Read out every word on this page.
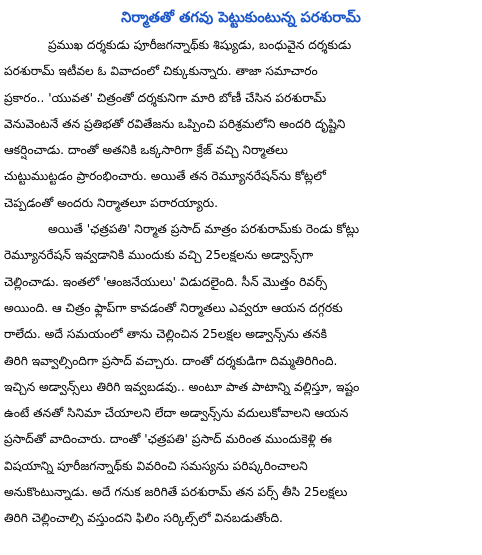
నిర్మాతతో తగవు పెట్టుకుంటున్న పరశురామ్

ప్రముఖ దర్శకుడు పూరీజగన్నాథ్‌కు శిష్యుడు, బంధువైన దర్శకుడు
పరశురామ్ ఇటీవల ఓ వివాదంలో చిక్కుకున్నారు. తాజా సమాచారం
ప్రకారం.. 'యువత' చిత్రంతో దర్శకునిగా మారి బోణీ చేసిన పరశురామ్
వెనువెంటనే తన ప్రతిభతో రవితేజను ఒప్పించి పరిశ్రమలోని అందరి దృష్టిని
ఆకర్షించాడు. దాంతో అతనికి ఒక్కసారిగా క్రేజ్ వచ్చి నిర్మాతలు
చుట్టుముట్టడం ప్రారంభించారు. అయితే తన రెమ్యూనరేషన్‌ను కోట్లలో
చెప్పడంతో అందరు నిర్మాతలూ పరారయ్యారు.

అయితే 'ఛత్రపతి' నిర్మాత ప్రసాద్ మాత్రం పరశురామ్‌కు రెండు కోట్లు
రెమ్యూనరేషన్ ఇవ్వడానికి ముందుకు వచ్చి 25లక్షలను అడ్వాన్స్‌గా
చెల్లించాడు. ఇంతలో 'ఆంజనేయులు' విడుదలైంది. సీన్ మొత్తం రివర్స్
అయింది. ఆ చిత్రం ఫ్లాప్‌గా కావడంతో నిర్మాతలు ఎవ్వరూ ఆయన దగ్గరకు
రాలేదు. అదే సమయంలో తాను చెల్లించిన 25లక్షల అడ్వాన్స్‌ను తనకి
తిరిగి ఇవ్వాల్సిందిగా ప్రసాద్ వచ్చారు. దాంతో దర్శకుడిగా దిమ్మతిరిగింది.
ఇచ్చిన అడ్వాన్స్‌లు తిరిగి ఇవ్వబడవు.. అంటూ పాత పాటాన్ని వల్లిస్తూ, ఇష్టం
ఉంటే తనతో సినిమా చేయాలని లేదా అడ్వాన్స్‌ను వదులుకోవాలని ఆయన
ప్రసాద్‌తో వాదించారు. దాంతో 'ఛత్రపతి' ప్రసాద్ మరింత ముందుకెళ్లి ఈ
విషయాన్ని పూరీజగన్నాథ్‌కు వివరించి సమస్యను పరిష్కరించాలని
అనుకొంటున్నాడు. అదే గనుక జరిగితే పరశురామ్ తన పర్స్ తీసి 25లక్షలు
తిరిగి చెల్లించాల్సి వస్తుందని ఫిలిం సర్కిల్స్‌లో వినబడుతోంది.
